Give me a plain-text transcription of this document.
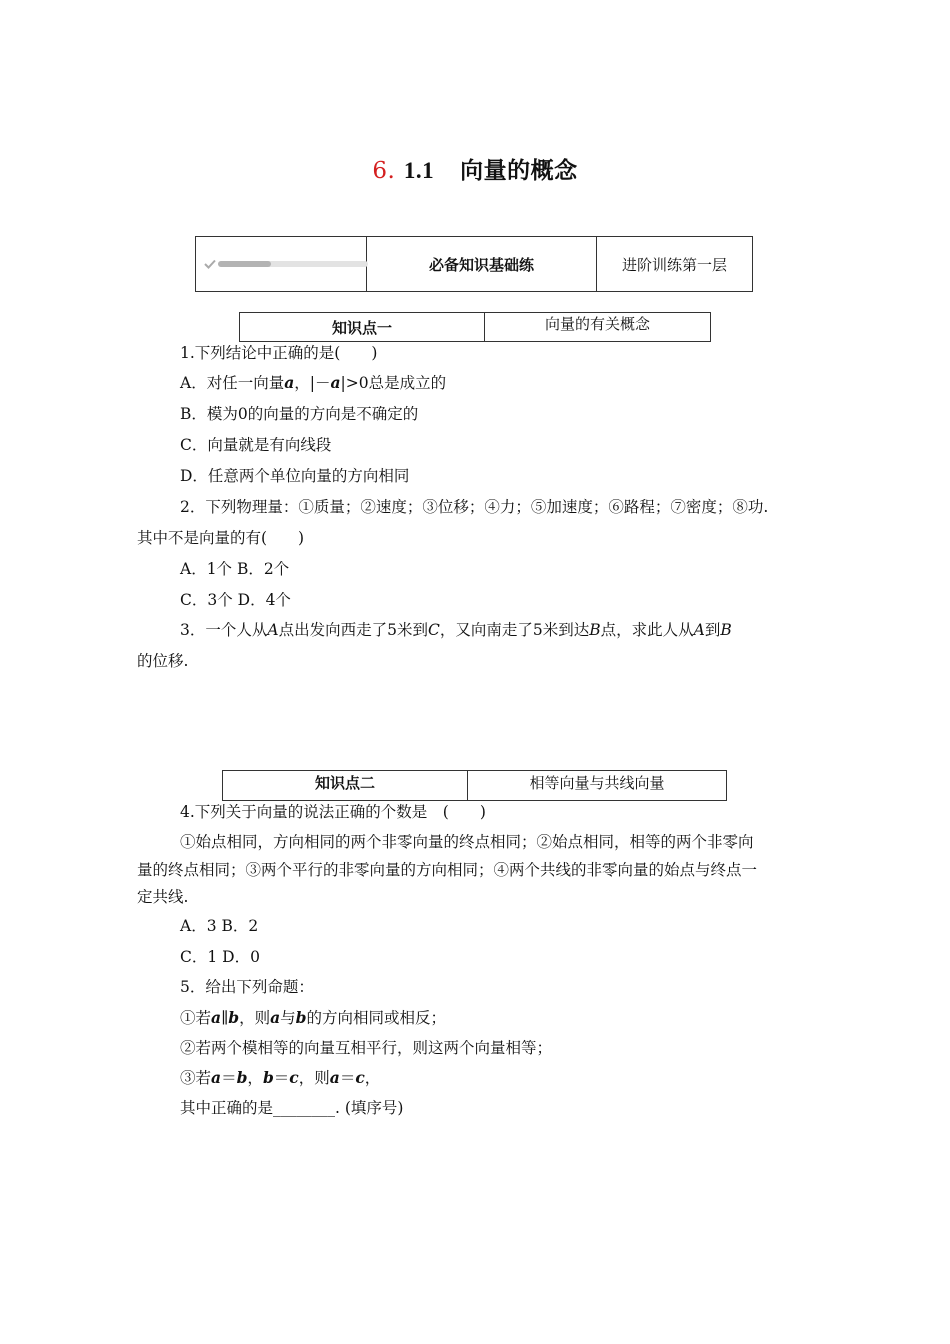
6. 1.1 向量的概念
必备知识基础练	进阶训练第一层
知识点一	向量的有关概念
1.下列结论中正确的是(　　)
A．对任一向量a，|－a|>0总是成立的
B．模为0的向量的方向是不确定的
C．向量就是有向线段
D．任意两个单位向量的方向相同
2．下列物理量：①质量；②速度；③位移；④力；⑤加速度；⑥路程；⑦密度；⑧功.
其中不是向量的有(　　)
A．1个 B．2个
C．3个 D．4个
3．一个人从A点出发向西走了5米到C，又向南走了5米到达B点，求此人从A到B
的位移.
知识点二	相等向量与共线向量
4.下列关于向量的说法正确的个数是　(　　)
①始点相同，方向相同的两个非零向量的终点相同；②始点相同，相等的两个非零向
量的终点相同；③两个平行的非零向量的方向相同；④两个共线的非零向量的始点与终点一
定共线.
A．3 B．2
C．1 D．0
5．给出下列命题：
①若a∥b，则a与b的方向相同或相反；
②若两个模相等的向量互相平行，则这两个向量相等；
③若a＝b，b＝c，则a＝c，
其中正确的是________. (填序号)
